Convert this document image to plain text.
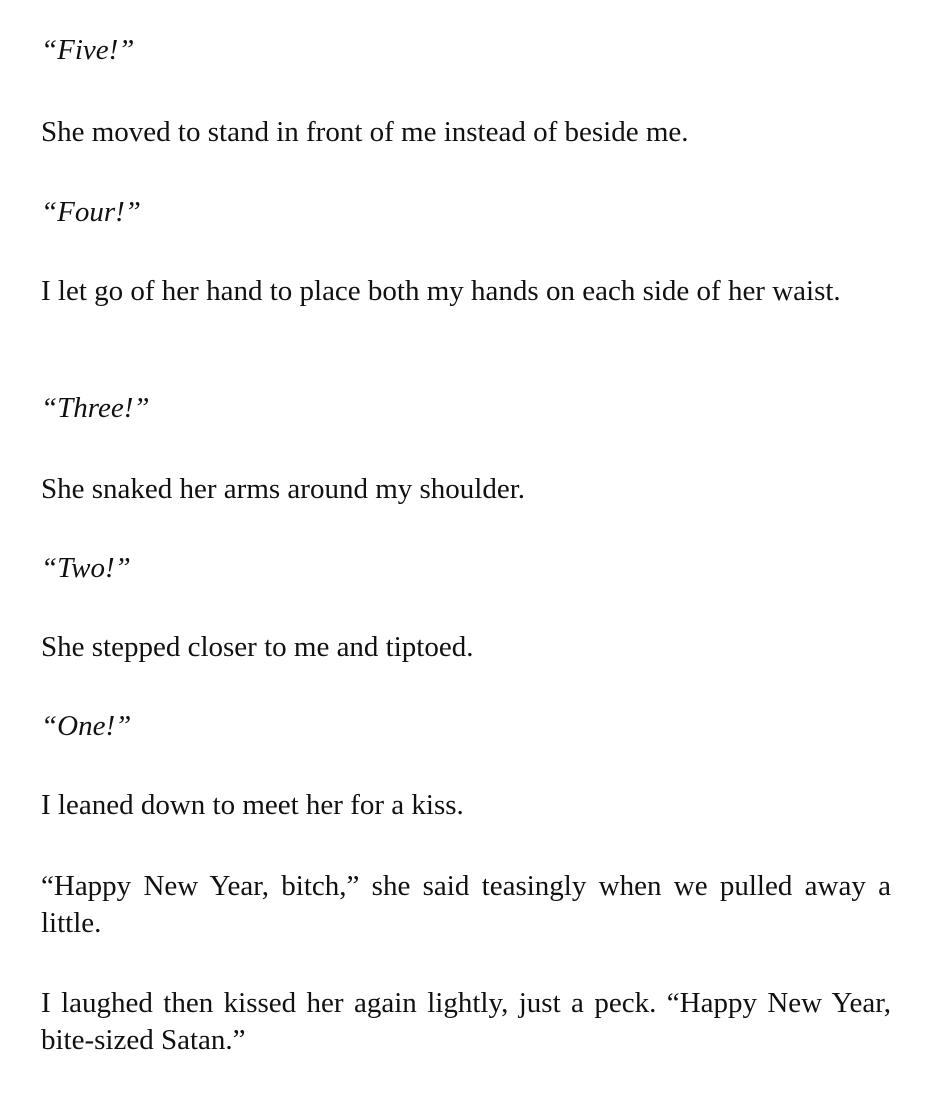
“Five!”

She moved to stand in front of me instead of beside me.

“Four!”

I let go of her hand to place both my hands on each side of her waist.

“Three!”

She snaked her arms around my shoulder.

“Two!”

She stepped closer to me and tiptoed.

“One!”

I leaned down to meet her for a kiss.

“Happy New Year, bitch,” she said teasingly when we pulled away a little.

I laughed then kissed her again lightly, just a peck. “Happy New Year, bite-sized Satan.”
